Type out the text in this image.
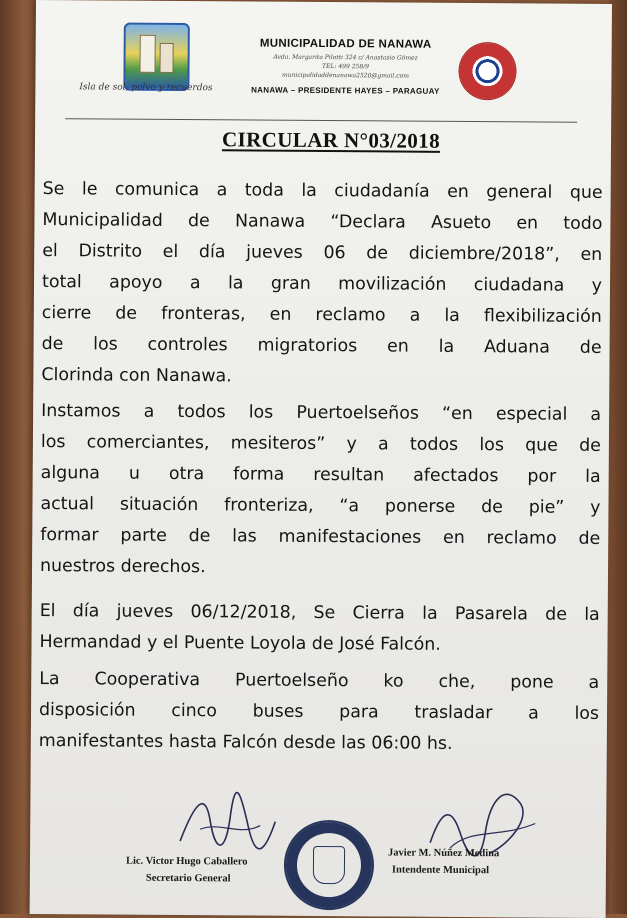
Isla de sol, polvo y recuerdos
MUNICIPALIDAD DE NANAWA
Avda. Margarita Pilotti 324 c/ Anastasio Gómez
TEL: 499 258/9
municipalidaddenanawa2520@gmail.com
NANAWA – PRESIDENTE HAYES – PARAGUAY
CIRCULAR N°03/2018
Se le comunica a toda la ciudadanía en general que
Municipalidad de Nanawa “Declara Asueto en todo
el Distrito el día jueves 06 de diciembre/2018”, en
total apoyo a la gran movilización ciudadana y
cierre de fronteras, en reclamo a la flexibilización
de los controles migratorios en la Aduana de
Clorinda con Nanawa.
Instamos a todos los Puertoelseños “en especial a
los comerciantes, mesiteros” y a todos los que de
alguna u otra forma resultan afectados por la
actual situación fronteriza, “a ponerse de pie” y
formar parte de las manifestaciones en reclamo de
nuestros derechos.
El día jueves 06/12/2018, Se Cierra la Pasarela de la
Hermandad y el Puente Loyola de José Falcón.
La Cooperativa Puertoelseño ko che, pone a
disposición cinco buses para trasladar a los
manifestantes hasta Falcón desde las 06:00 hs.
Lic. Victor Hugo Caballero
Secretario General
Javier M. Núñez Medina
Intendente Municipal
